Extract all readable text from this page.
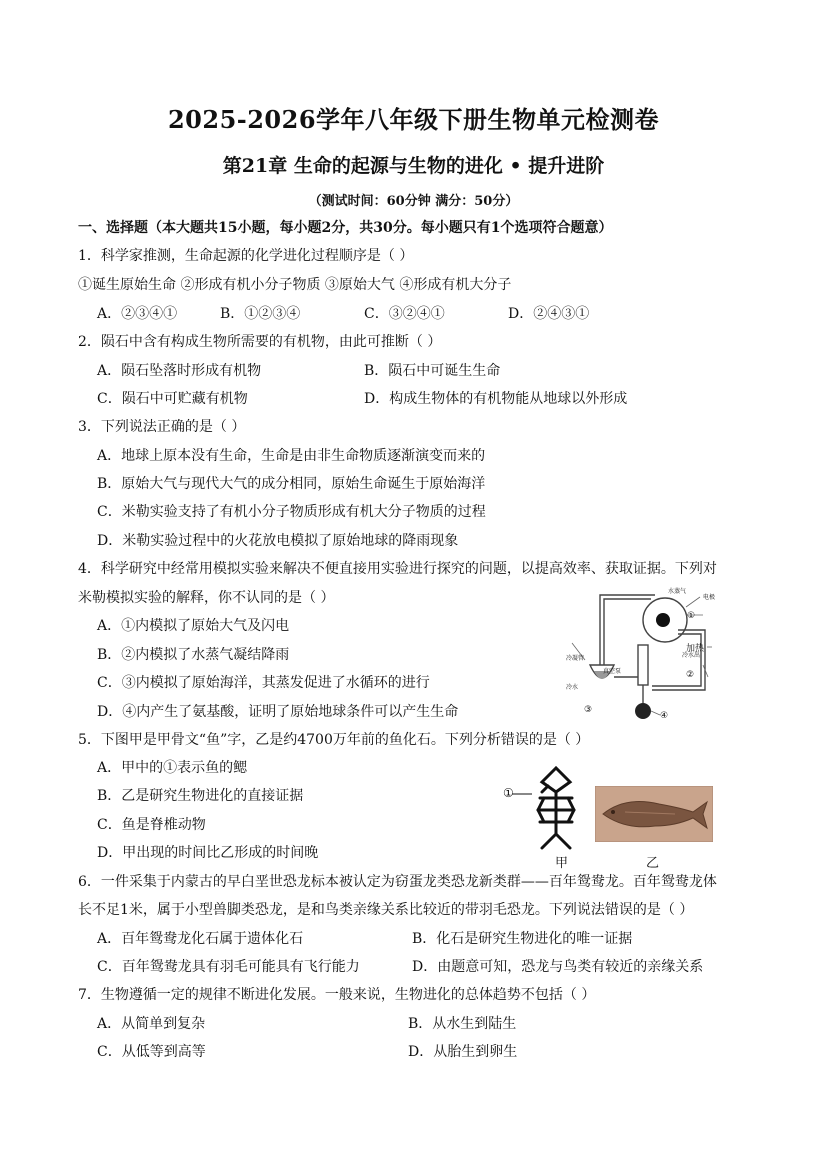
2025-2026学年八年级下册生物单元检测卷
第21章 生命的起源与生物的进化 • 提升进阶
（测试时间：60分钟 满分：50分）
一、选择题（本大题共15小题，每小题2分，共30分。每小题只有1个选项符合题意）
1．科学家推测，生命起源的化学进化过程顺序是（ ）
①诞生原始生命 ②形成有机小分子物质 ③原始大气 ④形成有机大分子
A．②③④①	B．①②③④	C．③②④①	D．②④③①
2．陨石中含有构成生物所需要的有机物，由此可推断（ ）
A．陨石坠落时形成有机物	B．陨石中可诞生生命
C．陨石中可贮藏有机物	D．构成生物体的有机物能从地球以外形成
3．下列说法正确的是（ ）
A．地球上原本没有生命，生命是由非生命物质逐渐演变而来的
B．原始大气与现代大气的成分相同，原始生命诞生于原始海洋
C．米勒实验支持了有机小分子物质形成有机大分子物质的过程
D．米勒实验过程中的火花放电模拟了原始地球的降雨现象
4．科学研究中经常用模拟实验来解决不便直接用实验进行探究的问题，以提高效率、获取证据。下列对
米勒模拟实验的解释，你不认同的是（ ）
A．①内模拟了原始大气及闪电
B．②内模拟了水蒸气凝结降雨
C．③内模拟了原始海洋，其蒸发促进了水循环的进行
D．④内产生了氨基酸，证明了原始地球条件可以产生生命
水蒸气
电极
①
冷凝管
真空泵
冷水
冷水出
加热
②
③
④
5．下图甲是甲骨文“鱼”字，乙是约4700万年前的鱼化石。下列分析错误的是（ ）
A．甲中的①表示鱼的鳃
B．乙是研究生物进化的直接证据
C．鱼是脊椎动物
D．甲出现的时间比乙形成的时间晚
①
甲	乙
6．一件采集于内蒙古的早白垩世恐龙标本被认定为窃蛋龙类恐龙新类群——百年鸳鸯龙。百年鸳鸯龙体
长不足1米，属于小型兽脚类恐龙，是和鸟类亲缘关系比较近的带羽毛恐龙。下列说法错误的是（ ）
A．百年鸳鸯龙化石属于遗体化石	B．化石是研究生物进化的唯一证据
C．百年鸳鸯龙具有羽毛可能具有飞行能力	D．由题意可知，恐龙与鸟类有较近的亲缘关系
7．生物遵循一定的规律不断进化发展。一般来说，生物进化的总体趋势不包括（ ）
A．从简单到复杂	B．从水生到陆生
C．从低等到高等	D．从胎生到卵生
